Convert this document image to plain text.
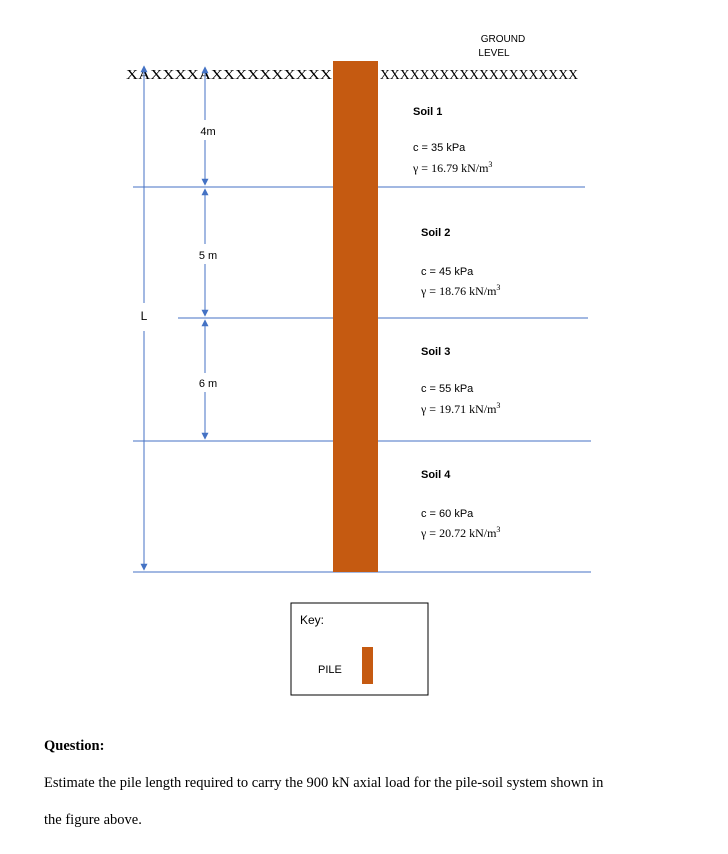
GROUND
LEVEL
XAXXXXAXXXXXXXXXX	XXXXXXXXXXXXXXXXXXXX
L
4m
5 m
6 m
Soil 1
c = 35 kPa
γ = 16.79 $kN/m^3$
Soil 2
c = 45 kPa
γ = 18.76 $kN/m^3$
Soil 3
c = 55 kPa
γ = 19.71 $kN/m^3$
Soil 4
c = 60 kPa
γ = 20.72 $kN/m^3$
Key:
PILE
Question:
Estimate the pile length required to carry the 900 kN axial load for the pile-soil system shown in
the figure above.
